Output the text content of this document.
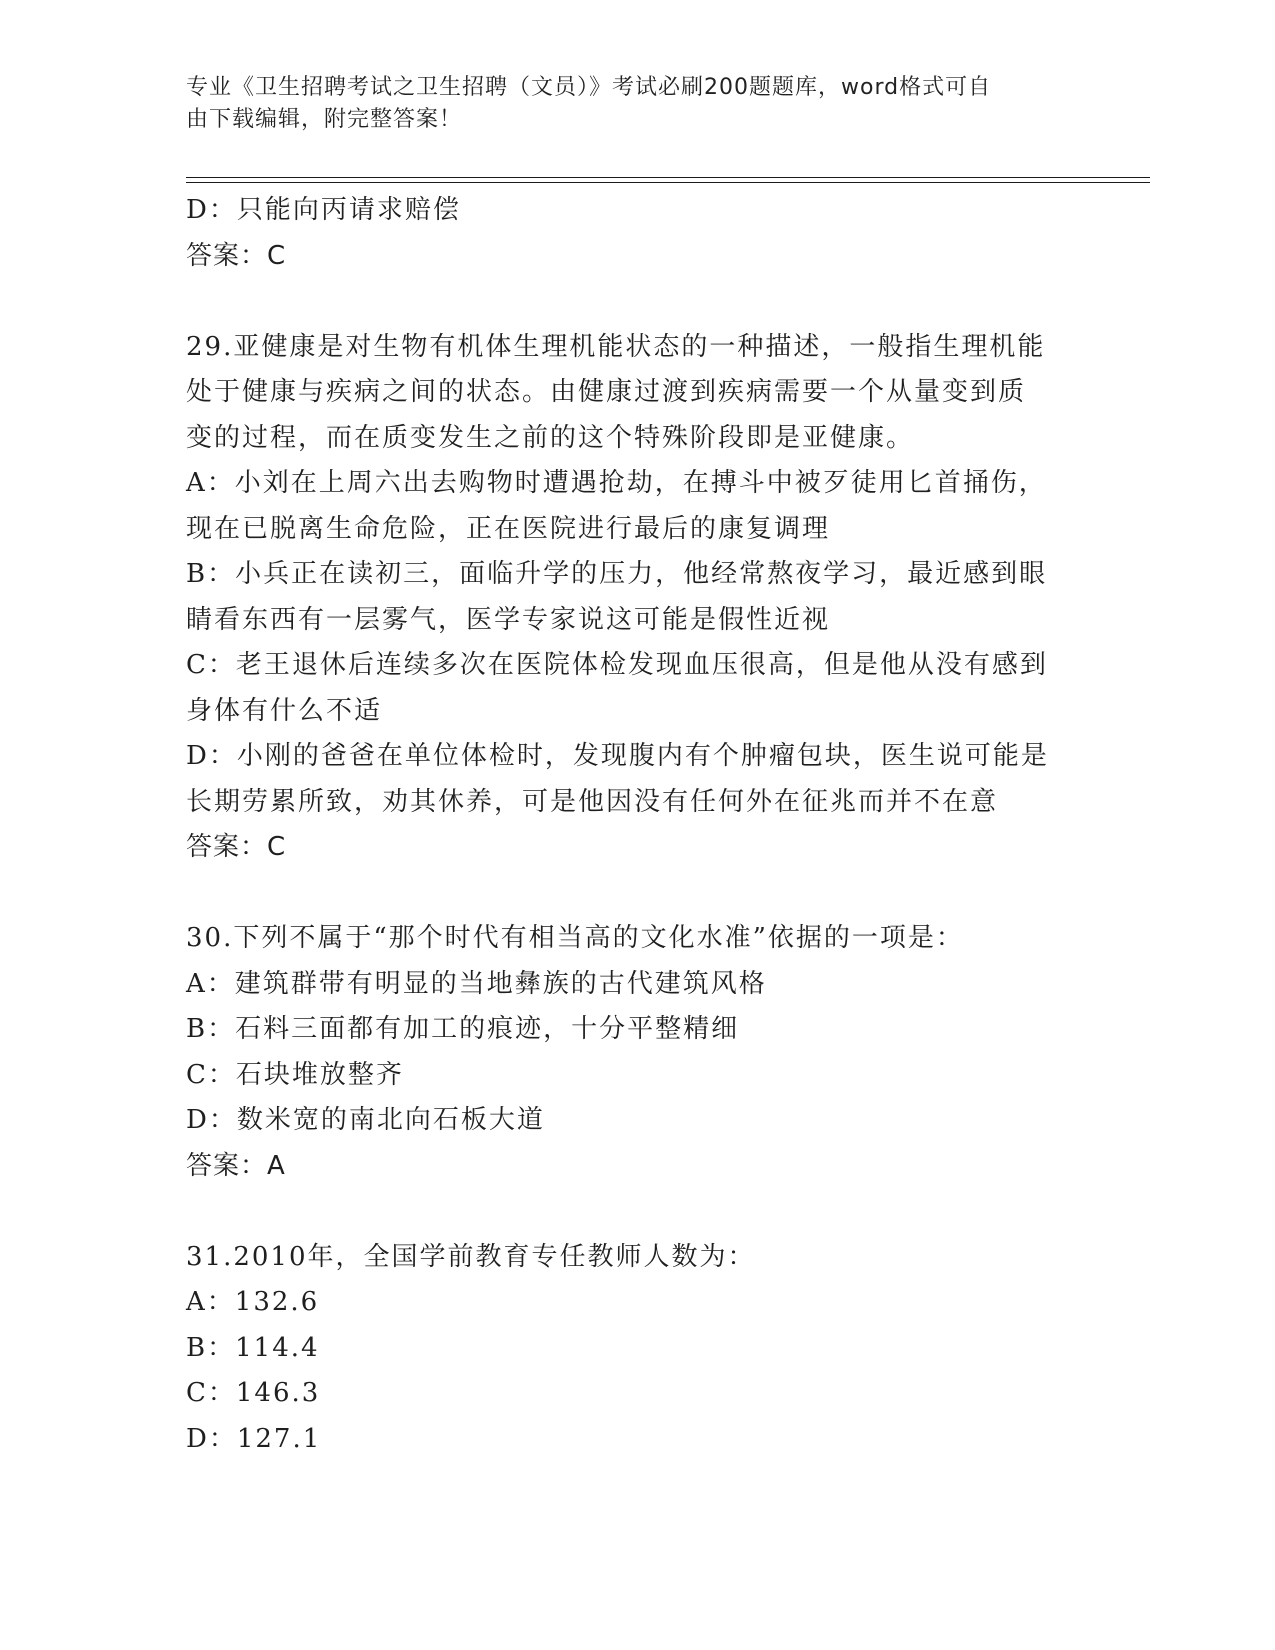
专业《卫生招聘考试之卫生招聘（文员）》考试必刷200题题库，word格式可自
由下载编辑，附完整答案！
D：只能向丙请求赔偿
答案：C
29.亚健康是对生物有机体生理机能状态的一种描述，一般指生理机能
处于健康与疾病之间的状态。由健康过渡到疾病需要一个从量变到质
变的过程，而在质变发生之前的这个特殊阶段即是亚健康。
A：小刘在上周六出去购物时遭遇抢劫，在搏斗中被歹徒用匕首捅伤，
现在已脱离生命危险，正在医院进行最后的康复调理
B：小兵正在读初三，面临升学的压力，他经常熬夜学习，最近感到眼
睛看东西有一层雾气，医学专家说这可能是假性近视
C：老王退休后连续多次在医院体检发现血压很高，但是他从没有感到
身体有什么不适
D：小刚的爸爸在单位体检时，发现腹内有个肿瘤包块，医生说可能是
长期劳累所致，劝其休养，可是他因没有任何外在征兆而并不在意
答案：C
30.下列不属于“那个时代有相当高的文化水准”依据的一项是：
A：建筑群带有明显的当地彝族的古代建筑风格
B：石料三面都有加工的痕迹，十分平整精细
C：石块堆放整齐
D：数米宽的南北向石板大道
答案：A
31.2010年，全国学前教育专任教师人数为：
A：132.6
B：114.4
C：146.3
D：127.1
